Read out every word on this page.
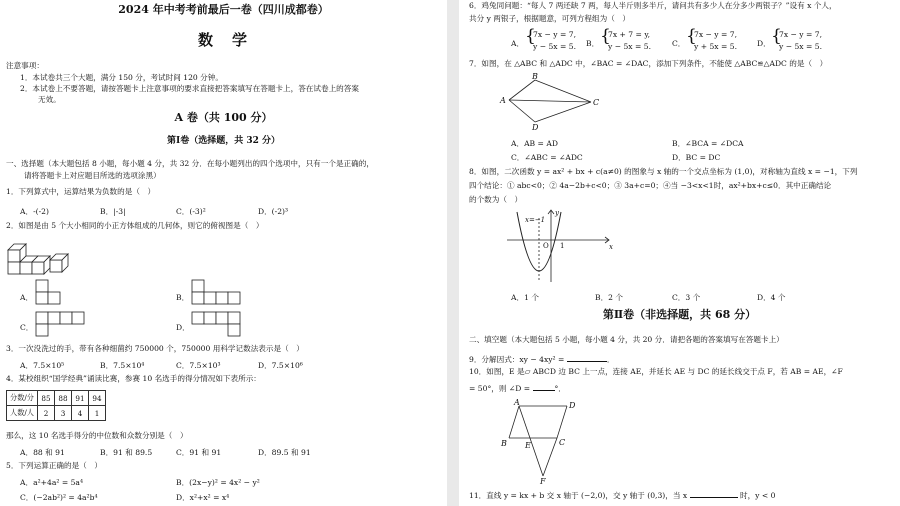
2024 年中考考前最后一卷（四川成都卷）
数　学
注意事项：
1．本试卷共三个大题，满分 150 分，考试时间 120 分钟。
2．本试卷上不要答题，请按答题卡上注意事项的要求直接把答案填写在答题卡上，答在试卷上的答案
无效。
A 卷（共 100 分）
第Ⅰ卷（选择题，共 32 分）
一、选择题（本大题包括 8 小题，每小题 4 分，共 32 分．在每小题列出的四个选项中，只有一个是正确的，
请将答题卡上对应题目所选的选项涂黑）
1．下列算式中，运算结果为负数的是（　）
A．-(-2)	B．|-3|	C．(-3)²	D．(-2)³
2．如图是由 5 个大小相同的小正方体组成的几何体，则它的俯视图是（　）
A．	B．
C．	D．
3．一次没洗过的手，带有各种细菌约 750000 个，750000 用科学记数法表示是（　）
A．7.5×10⁵	B．7.5×10⁴	C．7.5×10³	D．7.5×10⁶
4．某校组织“国学经典”诵读比赛，参赛 10 名选手的得分情况如下表所示：
分数/分	85	88	91	94
人数/人	2	3	4	1
那么，这 10 名选手得分的中位数和众数分别是（　）
A．88 和 91	B．91 和 89.5	C．91 和 91	D．89.5 和 91
5．下列运算正确的是（　）
A．a²+4a² = 5a⁴	B．(2x−y)² = 4x² − y²
C．(−2ab²)² = 4a²b⁴	D．x²+x² = x⁴
6．鸡兔同问题：“每人 7 两还缺 7 两，每人半斤则多半斤，请问共有多少人在分多少两银子？”设有 x 个人，
共分 y 两银子，根据题意，可列方程组为（　）
A． {
7x − y = 7,
y − 5x = 5. B． {
7x + 7 = y,
y − 5x = 5.	C． {
7x − y = 7,
y + 5x = 5.	D． {
7x − y = 7,
y − 5x = 5.
7．如图，在 △ABC 和 △ADC 中，∠BAC = ∠DAC，添加下列条件，不能使 △ABC≌△ADC 的是（　）
A
B
C
D
A．AB = AD	B．∠BCA = ∠DCA
C．∠ABC = ∠ADC	D．BC = DC
8．如图，二次函数 y = ax² + bx + c(a≠0) 的图象与 x 轴的一个交点坐标为 (1,0)，对称轴为直线 x = −1，下列
四个结论：① abc<0；② 4a−2b+c<0；③ 3a+c=0；④当 −3<x<1时，ax²+bx+c≤0．其中正确结论
的个数为（　）
x=−1
x
y
O 1
A．1 个	B．2 个	C．3 个	D．4 个
第Ⅱ卷（非选择题，共 68 分）
二、填空题（本大题包括 5 小题，每小题 4 分，共 20 分．请把各题的答案填写在答题卡上）
9．分解因式：xy − 4xy² =	．
10．如图，E 是▱ ABCD 边 BC 上一点，连接 AE，并延长 AE 与 DC 的延长线交于点 F，若 AB = AE，∠F
= 50°，则 ∠D =	°．
A	D
B E	C
F
11．直线 y = kx + b 交 x 轴于 (−2,0)，交 y 轴于 (0,3)，当 x	时，y < 0
